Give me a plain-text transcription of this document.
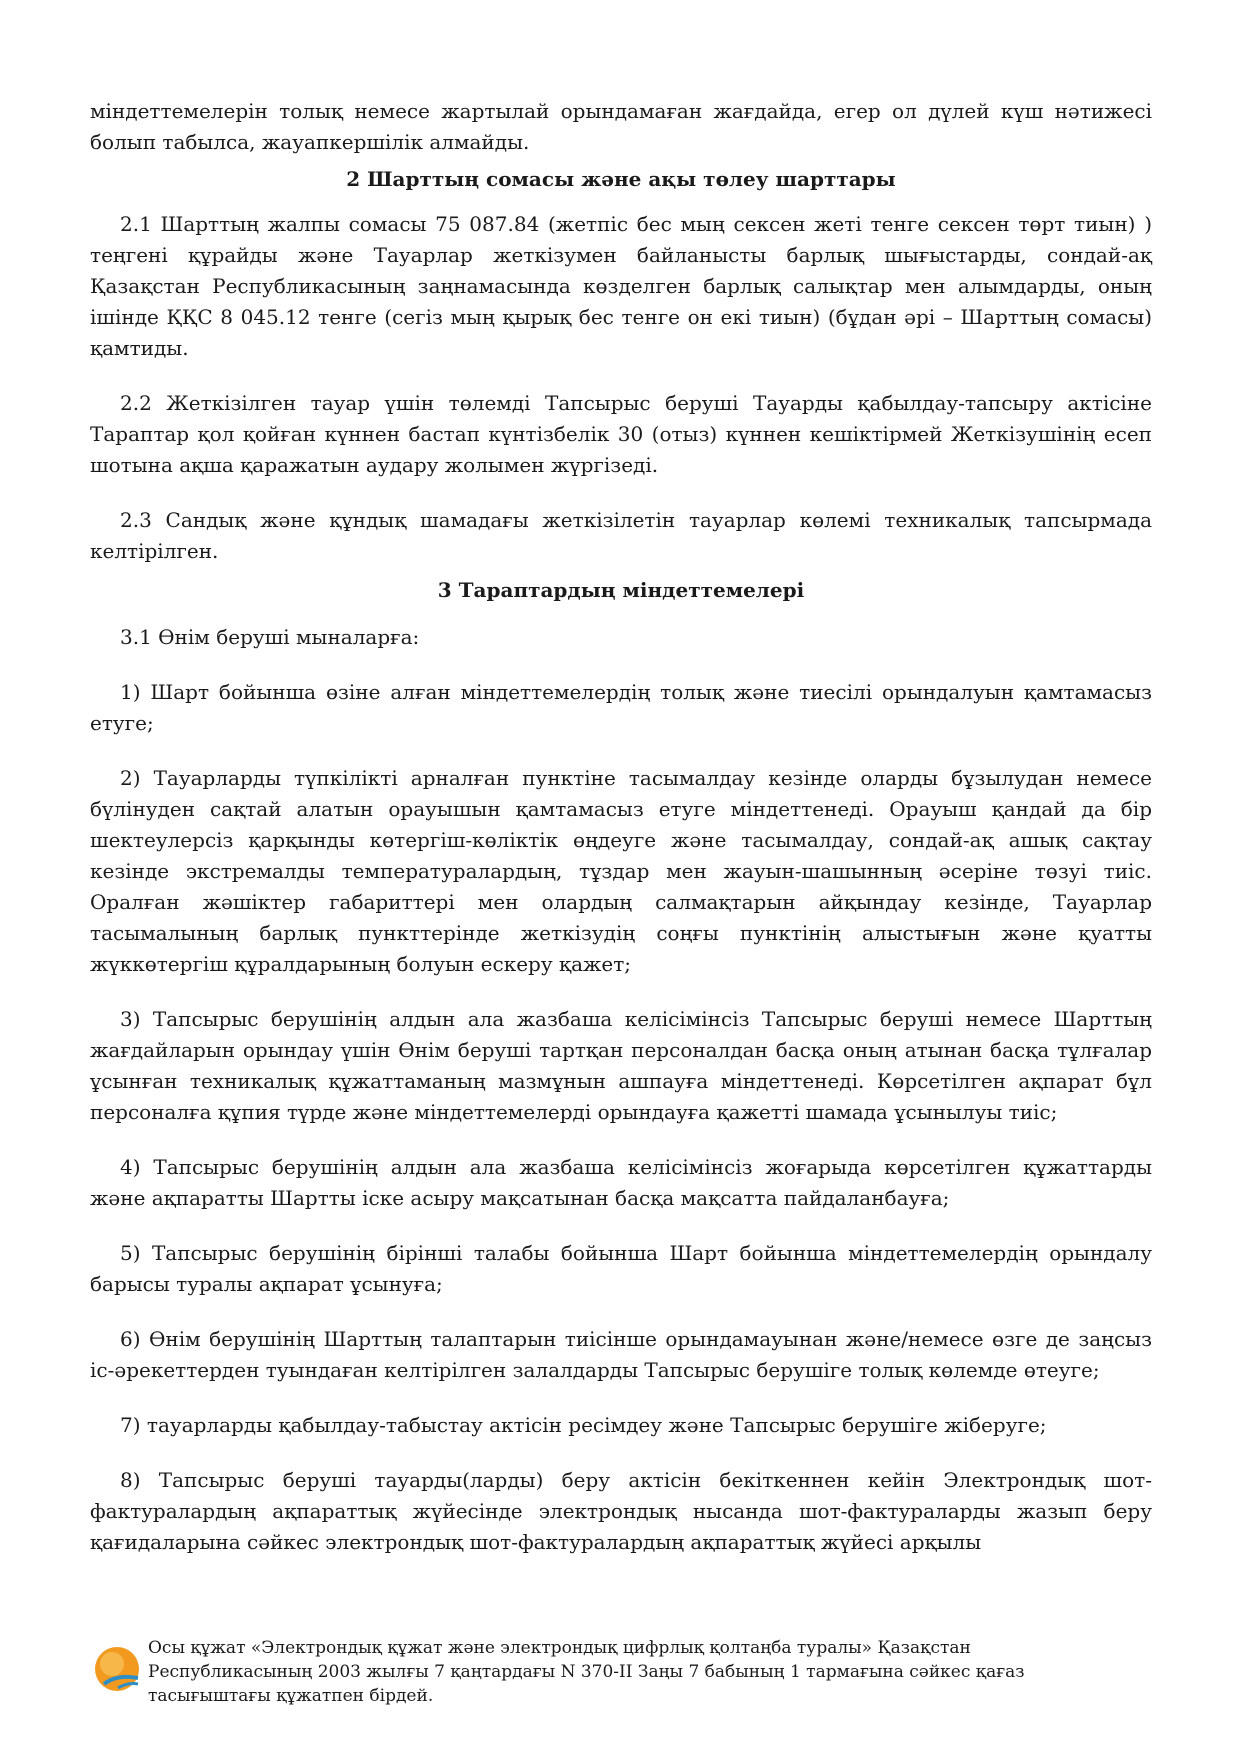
міндеттемелерін толық немесе жартылай орындамаған жағдайда, егер ол дүлей күш нәтижесі болып табылса, жауапкершілік алмайды.

2 Шарттың сомасы және ақы төлеу шарттары

2.1 Шарттың жалпы сомасы 75 087.84 (жетпіс бес мың сексен жеті тенге сексен төрт тиын) ) теңгені құрайды және Тауарлар жеткізумен байланысты барлық шығыстарды, сондай-ақ Қазақстан Республикасының заңнамасында көзделген барлық салықтар мен алымдарды, оның ішінде ҚҚС 8 045.12 тенге (сегіз мың қырық бес тенге он екі тиын) (бұдан әрі – Шарттың сомасы) қамтиды.

2.2 Жеткізілген тауар үшін төлемді Тапсырыс беруші Тауарды қабылдау-тапсыру актісіне Тараптар қол қойған күннен бастап күнтізбелік 30 (отыз) күннен кешіктірмей Жеткізушінің есеп шотына ақша қаражатын аудару жолымен жүргізеді.

2.3 Сандық және құндық шамадағы жеткізілетін тауарлар көлемі техникалық тапсырмада келтірілген.

3 Тараптардың міндеттемелері

3.1 Өнім беруші мыналарға:

1) Шарт бойынша өзіне алған міндеттемелердің толық және тиесілі орындалуын қамтамасыз етуге;

2) Тауарларды түпкілікті арналған пунктіне тасымалдау кезінде оларды бұзылудан немесе бүлінуден сақтай алатын орауышын қамтамасыз етуге міндеттенеді. Орауыш қандай да бір шектеулерсіз қарқынды көтергіш-көліктік өңдеуге және тасымалдау, сондай-ақ ашық сақтау кезінде экстремалды температуралардың, тұздар мен жауын-шашынның әсеріне төзуі тиіс. Оралған жәшіктер габариттері мен олардың салмақтарын айқындау кезінде, Тауарлар тасымалының барлық пункттерінде жеткізудің соңғы пунктінің алыстығын және қуатты жүккөтергіш құралдарының болуын ескеру қажет;

3) Тапсырыс берушінің алдын ала жазбаша келісімінсіз Тапсырыс беруші немесе Шарттың жағдайларын орындау үшін Өнім беруші тартқан персоналдан басқа оның атынан басқа тұлғалар ұсынған техникалық құжаттаманың мазмұнын ашпауға міндеттенеді. Көрсетілген ақпарат бұл персоналға құпия түрде және міндеттемелерді орындауға қажетті шамада ұсынылуы тиіс;

4) Тапсырыс берушінің алдын ала жазбаша келісімінсіз жоғарыда көрсетілген құжаттарды және ақпаратты Шартты іске асыру мақсатынан басқа мақсатта пайдаланбауға;

5) Тапсырыс берушінің бірінші талабы бойынша Шарт бойынша міндеттемелердің орындалу барысы туралы ақпарат ұсынуға;

6) Өнім берушінің Шарттың талаптарын тиісінше орындамауынан және/немесе өзге де заңсыз іс-әрекеттерден туындаған келтірілген залалдарды Тапсырыс берушіге толық көлемде өтеуге;

7) тауарларды қабылдау-табыстау актісін ресімдеу және Тапсырыс берушіге жіберуге;

8) Тапсырыс беруші тауарды(ларды) беру актісін бекіткеннен кейін Электрондық шот-фактуралардың ақпараттық жүйесінде электрондық нысанда шот-фактураларды жазып беру қағидаларына сәйкес электрондық шот-фактуралардың ақпараттық жүйесі арқылы

Осы құжат «Электрондық құжат және электрондық цифрлық қолтаңба туралы» Қазақстан
Республикасының 2003 жылғы 7 қаңтардағы N 370-II Заңы 7 бабының 1 тармағына сәйкес қағаз
тасығыштағы құжатпен бірдей.
